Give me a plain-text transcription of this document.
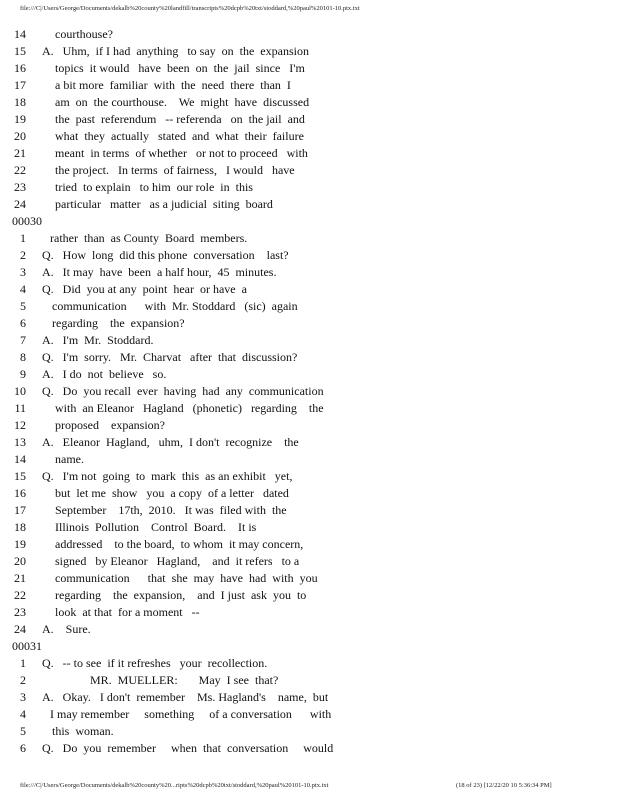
file:///C|/Users/George/Documents/dekalb%20county%20landfill/transcripts%20dcpb%20txt/stoddard,%20paul%20101-10.ptx.txt
14 courthouse?
15 A.   Uhm,  if I had  anything   to say  on  the  expansion
16 topics  it would   have  been  on  the  jail  since   I'm
17 a bit more  familiar  with  the  need  there  than  I
18 am  on  the courthouse.    We  might  have  discussed
19 the  past  referendum   -- referenda   on  the jail  and
20 what  they  actually   stated  and  what  their  failure
21 meant  in terms  of whether   or not to proceed   with
22 the project.   In terms  of fairness,   I would   have
23 tried  to explain   to him  our role  in  this
24 particular   matter   as a judicial  siting  board
00030
1 rather  than  as County  Board  members.
2 Q.   How  long  did this phone  conversation    last?
3 A.   It may  have  been  a half hour,  45  minutes.
4 Q.   Did  you at any  point  hear  or have  a
5 communication      with  Mr. Stoddard   (sic)  again
6 regarding    the  expansion?
7 A.   I'm  Mr.  Stoddard.
8 Q.   I'm  sorry.   Mr.  Charvat   after  that  discussion?
9 A.   I do  not  believe   so.
10 Q.   Do  you recall  ever  having  had  any  communication
11 with  an Eleanor   Hagland   (phonetic)   regarding    the
12 proposed    expansion?
13 A.   Eleanor  Hagland,   uhm,  I don't  recognize    the
14 name.
15 Q.   I'm not  going  to  mark  this  as an exhibit   yet,
16 but  let me  show   you  a copy  of a letter   dated
17 September    17th,  2010.   It was  filed with  the
18 Illinois  Pollution    Control  Board.    It is
19 addressed    to the board,  to whom  it may concern,
20 signed   by Eleanor   Hagland,    and  it refers   to a
21 communication      that  she  may  have  had  with  you
22 regarding    the  expansion,    and  I just  ask  you  to
23 look  at that  for a moment   --
24 A.    Sure.
00031
1 Q.   -- to see  if it refreshes   your  recollection.
2	MR.  MUELLER:       May  I see  that?
3 A.   Okay.   I don't  remember    Ms. Hagland's    name,  but
4 I may remember     something     of a conversation      with
5 this  woman.
6 Q.   Do  you  remember     when  that  conversation     would
file:///C|/Users/George/Documents/dekalb%20county%20...ripts%20dcpb%20txt/stoddard,%20paul%20101-10.ptx.txt	(18 of 23) [12/22/20 10 5:36:34 PM]
